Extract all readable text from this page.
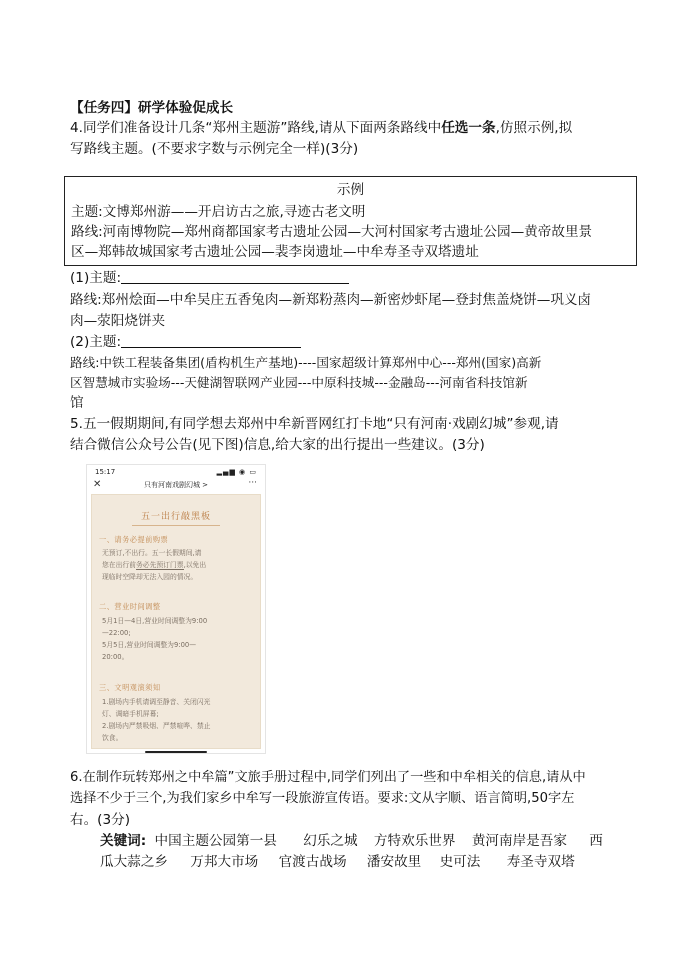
【任务四】研学体验促成长
4.同学们准备设计几条“郑州主题游”路线,请从下面两条路线中任选一条,仿照示例,拟
写路线主题。(不要求字数与示例完全一样)(3分)
示例
主题:文博郑州游——开启访古之旅,寻迹古老文明
路线:河南博物院—郑州商都国家考古遗址公园—大河村国家考古遗址公园—黄帝故里景
区—郑韩故城国家考古遗址公园—裴李岗遗址—中牟寿圣寺双塔遗址
(1)主题:
路线:郑州烩面—中牟吴庄五香兔肉—新郑粉蒸肉—新密炒虾尾—登封焦盖烧饼—巩义卤
肉—荥阳烧饼夹
(2)主题:
路线:中铁工程装备集团(盾构机生产基地)----国家超级计算郑州中心---郑州(国家)高新
区智慧城市实验场---天健湖智联网产业园---中原科技城---金融岛---河南省科技馆新
馆
5.五一假期期间,有同学想去郑州中牟新晋网红打卡地“只有河南·戏剧幻城”参观,请
结合微信公众号公告(见下图)信息,给大家的出行提出一些建议。(3分)
15:17	▂▄▆ ◉ ▭
✕	只有河南戏剧幻城 >	···
五一出行敲黑板
一、请务必提前购票
无预订,不出行。五一长假期间,请
您在出行前务必先预订门票,以免出
现临时空降却无法入园的情况。
二、营业时间调整
5月1日—4日,营业时间调整为9:00
—22:00;
5月5日,营业时间调整为9:00—
20:00。
三、文明观演须知
1.剧场内手机请调至静音、关闭闪光
灯、调暗手机屏幕;
2.剧场内严禁吸烟、严禁喧哗、禁止
饮食。
6.在制作玩转郑州之中牟篇”文旅手册过程中,同学们列出了一些和中牟相关的信息,请从中
选择不少于三个,为我们家乡中牟写一段旅游宣传语。要求:文从字顺、语言简明,50字左
右。(3分)
关键词: 中国主题公园第一县 幻乐之城 方特欢乐世界 黄河南岸是吾家 西
瓜大蒜之乡 万邦大市场 官渡古战场 潘安故里 史可法 寿圣寺双塔
